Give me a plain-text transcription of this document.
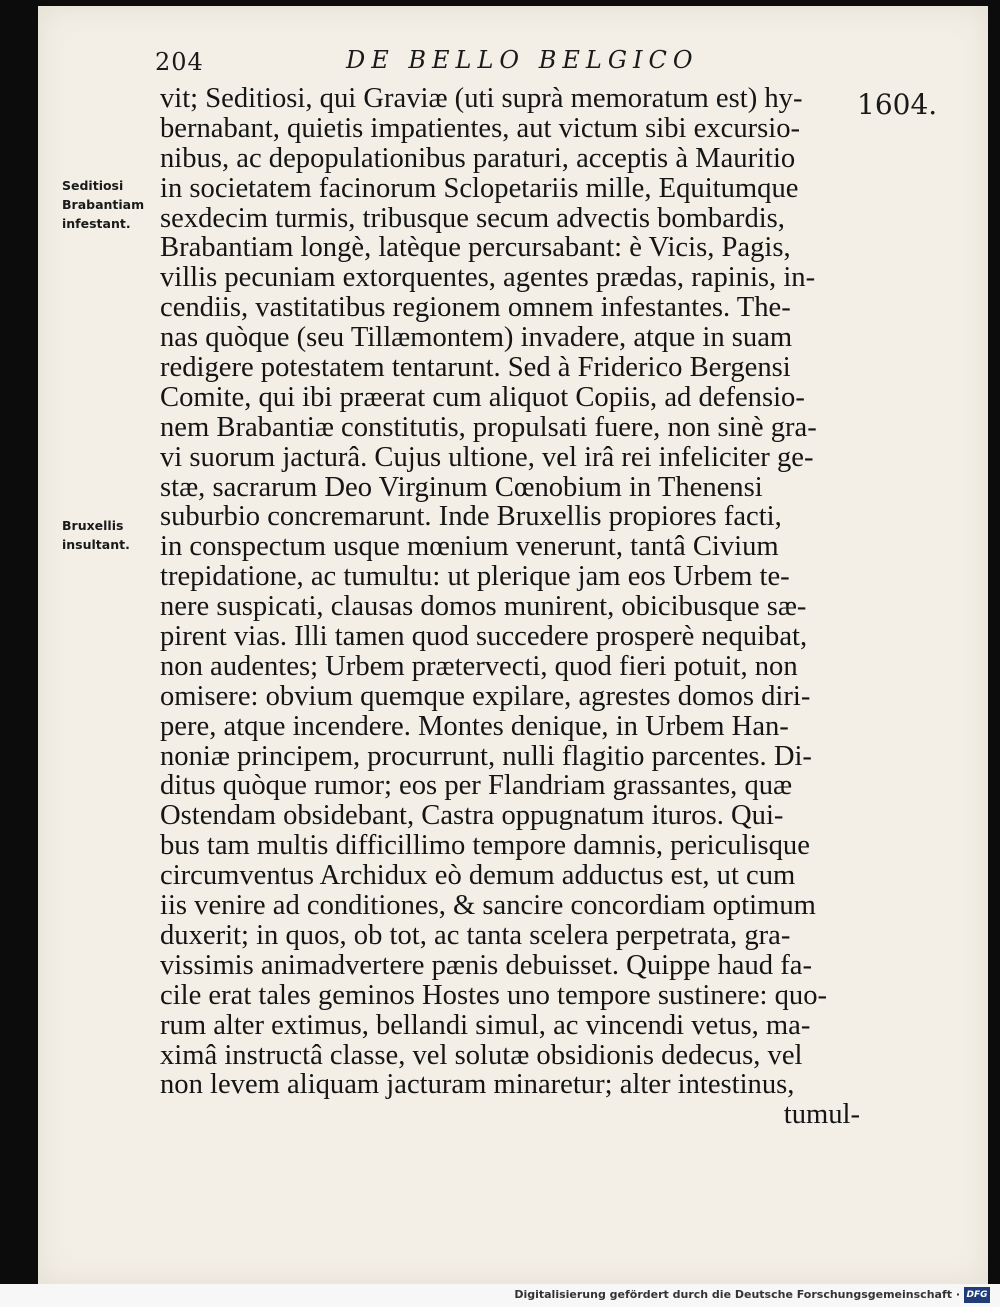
204	DE BELLO BELGICO
1604.
Seditiosi
Brabantiam
infestant.
Bruxellis
insultant.
vit; Seditiosi, qui Graviæ (uti suprà memoratum est) hy-
bernabant, quietis impatientes, aut victum sibi excursio-
nibus, ac depopulationibus paraturi, acceptis à Mauritio
in societatem facinorum Sclopetariis mille, Equitumque
sexdecim turmis, tribusque secum advectis bombardis,
Brabantiam longè, latèque percursabant: è Vicis, Pagis,
villis pecuniam extorquentes, agentes prædas, rapinis, in-
cendiis, vastitatibus regionem omnem infestantes. The-
nas quòque (seu Tillæmontem) invadere, atque in suam
redigere potestatem tentarunt. Sed à Friderico Bergensi
Comite, qui ibi præerat cum aliquot Copiis, ad defensio-
nem Brabantiæ constitutis, propulsati fuere, non sinè gra-
vi suorum jacturâ. Cujus ultione, vel irâ rei infeliciter ge-
stæ, sacrarum Deo Virginum Cœnobium in Thenensi
suburbio concremarunt. Inde Bruxellis propiores facti,
in conspectum usque mœnium venerunt, tantâ Civium
trepidatione, ac tumultu: ut plerique jam eos Urbem te-
nere suspicati, clausas domos munirent, obicibusque sæ-
pirent vias. Illi tamen quod succedere prosperè nequibat,
non audentes; Urbem prætervecti, quod fieri potuit, non
omisere: obvium quemque expilare, agrestes domos diri-
pere, atque incendere. Montes denique, in Urbem Han-
noniæ principem, procurrunt, nulli flagitio parcentes. Di-
ditus quòque rumor; eos per Flandriam grassantes, quæ
Ostendam obsidebant, Castra oppugnatum ituros. Qui-
bus tam multis difficillimo tempore damnis, periculisque
circumventus Archidux eò demum adductus est, ut cum
iis venire ad conditiones, & sancire concordiam optimum
duxerit; in quos, ob tot, ac tanta scelera perpetrata, gra-
vissimis animadvertere pænis debuisset. Quippe haud fa-
cile erat tales geminos Hostes uno tempore sustinere: quo-
rum alter extimus, bellandi simul, ac vincendi vetus, ma-
ximâ instructâ classe, vel solutæ obsidionis dedecus, vel
non levem aliquam jacturam minaretur; alter intestinus,
tumul-
Digitalisierung gefördert durch die Deutsche Forschungsgemeinschaft · DFG
